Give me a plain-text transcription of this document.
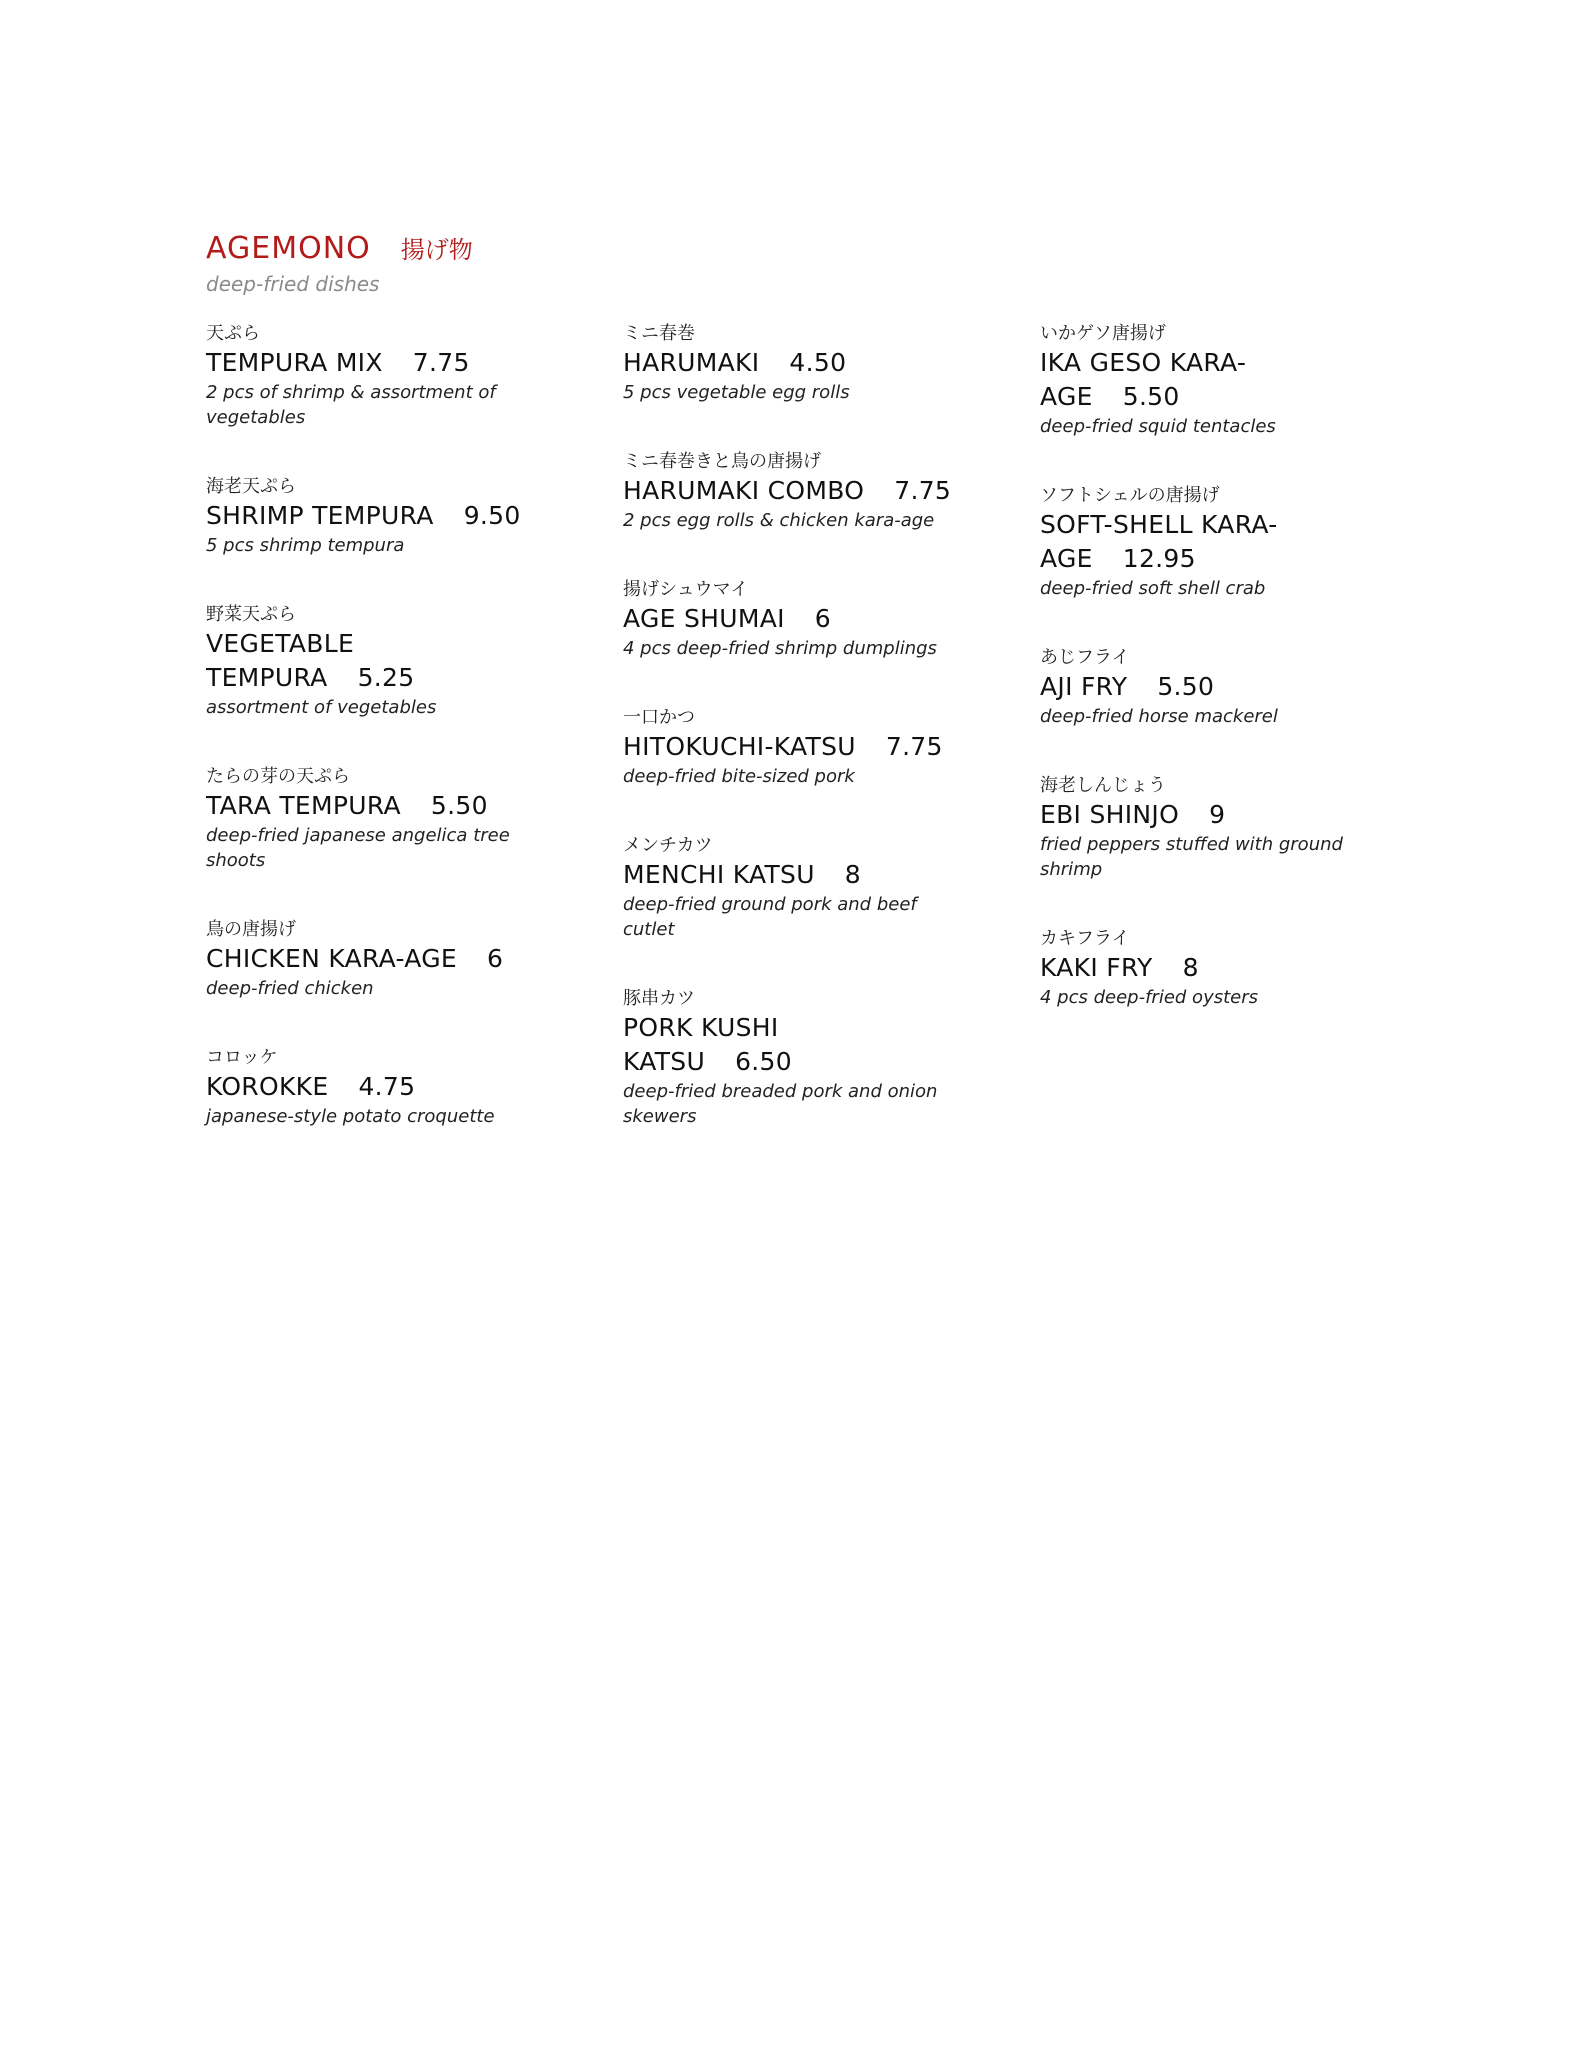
AGEMONO 揚げ物
deep-fried dishes
天ぷら
TEMPURA MIX 7.75
2 pcs of shrimp & assortment of vegetables
海老天ぷら
SHRIMP TEMPURA 9.50
5 pcs shrimp tempura
野菜天ぷら
VEGETABLE TEMPURA 5.25
assortment of vegetables
たらの芽の天ぷら
TARA TEMPURA 5.50
deep-fried japanese angelica tree shoots
鳥の唐揚げ
CHICKEN KARA-AGE 6
deep-fried chicken
コロッケ
KOROKKE 4.75
japanese-style potato croquette
ミニ春巻
HARUMAKI 4.50
5 pcs vegetable egg rolls
ミニ春巻きと鳥の唐揚げ
HARUMAKI COMBO 7.75
2 pcs egg rolls & chicken kara-age
揚げシュウマイ
AGE SHUMAI 6
4 pcs deep-fried shrimp dumplings
一口かつ
HITOKUCHI-KATSU 7.75
deep-fried bite-sized pork
メンチカツ
MENCHI KATSU 8
deep-fried ground pork and beef cutlet
豚串カツ
PORK KUSHI KATSU 6.50
deep-fried breaded pork and onion skewers
いかゲソ唐揚げ
IKA GESO KARA-AGE 5.50
deep-fried squid tentacles
ソフトシェルの唐揚げ
SOFT-SHELL KARA-AGE 12.95
deep-fried soft shell crab
あじフライ
AJI FRY 5.50
deep-fried horse mackerel
海老しんじょう
EBI SHINJO 9
fried peppers stuffed with ground shrimp
カキフライ
KAKI FRY 8
4 pcs deep-fried oysters
